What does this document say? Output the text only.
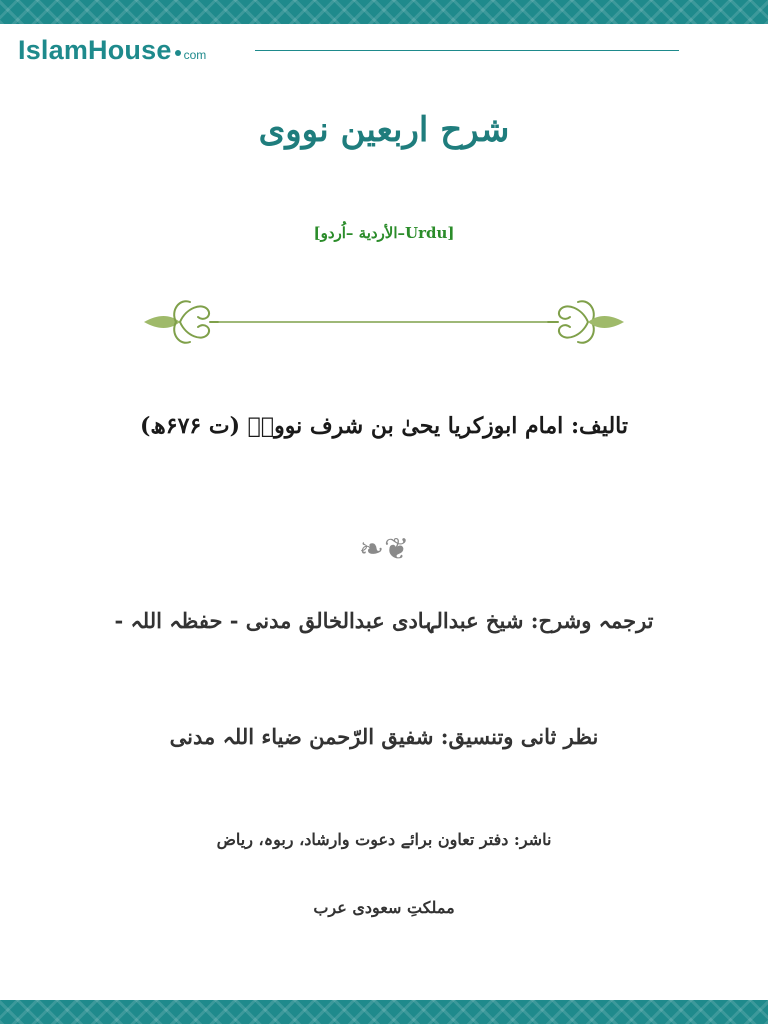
IslamHouse com
شرح اربعین نووی
[الأردية –اُردو–Urdu]
تالیف: امام ابوزکریا یحیٰ بن شرف نوویؒ (ت ۶۷۶ھ)
❧❦
ترجمہ وشرح: شیخ عبدالہادی عبدالخالق مدنی - حفظہ اللہ -
نظر ثانی وتنسیق: شفیق الرّحمن ضیاء اللہ مدنی
ناشر: دفتر تعاون برائے دعوت وارشاد، ربوہ، ریاض
مملکتِ سعودی عرب
